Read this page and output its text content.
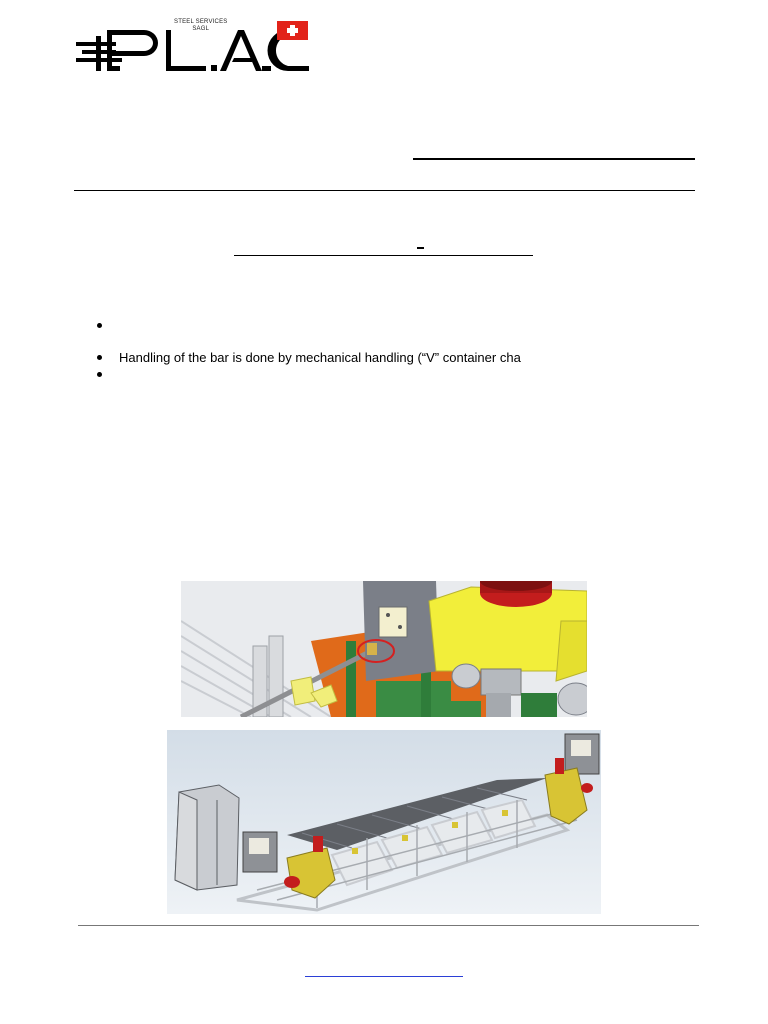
STEEL SERVICES
SAGL
Handling of the bar is done by mechanical handling (“V” container cha
